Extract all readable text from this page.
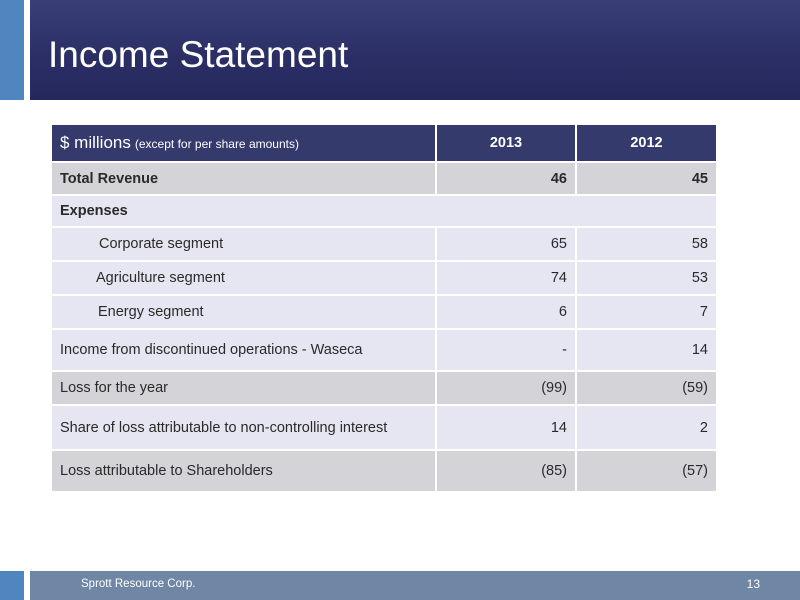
Income Statement
$ millions (except for per share amounts)	2013	2012
Total Revenue	46	45
Expenses		
Corporate segment	65	58
Agriculture segment	74	53
Energy segment	6	7
Income from discontinued operations - Waseca	-	14
Loss for the year	(99)	(59)
Share of loss attributable to non-controlling interest	14	2
Loss attributable to Shareholders	(85)	(57)
Sprott Resource Corp.	13
